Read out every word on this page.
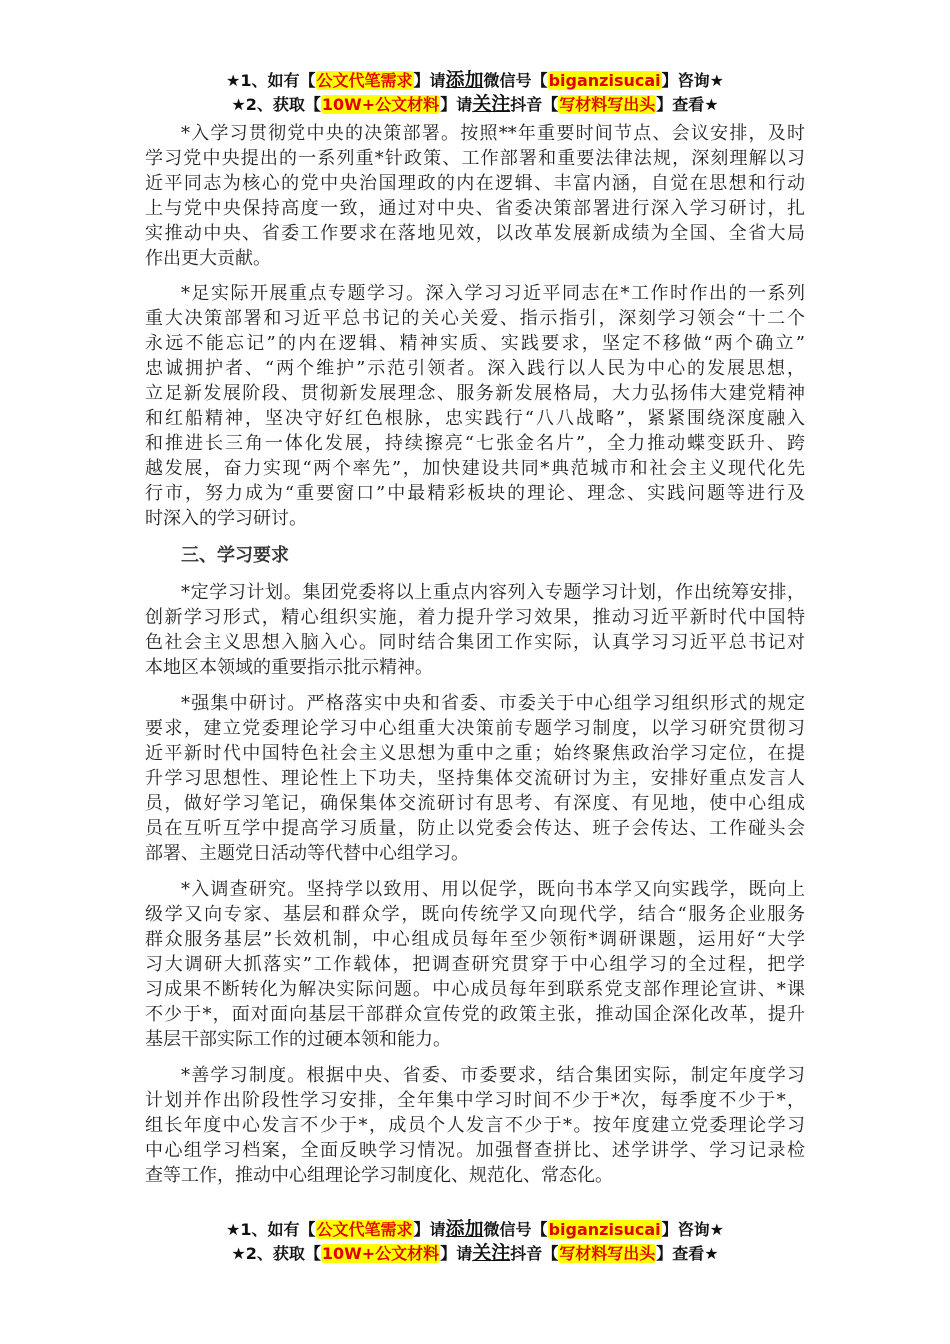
★1、如有【公文代笔需求】请添加微信号【biganzisucai】咨询★
★2、获取【10W+公文材料】请关注抖音【写材料写出头】查看★
*入学习贯彻党中央的决策部署。按照**年重要时间节点、会议安排，及时
学习党中央提出的一系列重*针政策、工作部署和重要法律法规，深刻理解以习
近平同志为核心的党中央治国理政的内在逻辑、丰富内涵，自觉在思想和行动
上与党中央保持高度一致，通过对中央、省委决策部署进行深入学习研讨，扎
实推动中央、省委工作要求在落地见效，以改革发展新成绩为全国、全省大局
作出更大贡献。
*足实际开展重点专题学习。深入学习习近平同志在*工作时作出的一系列
重大决策部署和习近平总书记的关心关爱、指示指引，深刻学习领会“十二个
永远不能忘记”的内在逻辑、精神实质、实践要求，坚定不移做“两个确立”
忠诚拥护者、“两个维护”示范引领者。深入践行以人民为中心的发展思想，
立足新发展阶段、贯彻新发展理念、服务新发展格局，大力弘扬伟大建党精神
和红船精神，坚决守好红色根脉，忠实践行“八八战略”，紧紧围绕深度融入
和推进长三角一体化发展，持续擦亮“七张金名片”，全力推动蝶变跃升、跨
越发展，奋力实现“两个率先”，加快建设共同*典范城市和社会主义现代化先
行市，努力成为“重要窗口”中最精彩板块的理论、理念、实践问题等进行及
时深入的学习研讨。
三、学习要求
*定学习计划。集团党委将以上重点内容列入专题学习计划，作出统筹安排，
创新学习形式，精心组织实施，着力提升学习效果，推动习近平新时代中国特
色社会主义思想入脑入心。同时结合集团工作实际，认真学习习近平总书记对
本地区本领域的重要指示批示精神。
*强集中研讨。严格落实中央和省委、市委关于中心组学习组织形式的规定
要求，建立党委理论学习中心组重大决策前专题学习制度，以学习研究贯彻习
近平新时代中国特色社会主义思想为重中之重；始终聚焦政治学习定位，在提
升学习思想性、理论性上下功夫，坚持集体交流研讨为主，安排好重点发言人
员，做好学习笔记，确保集体交流研讨有思考、有深度、有见地，使中心组成
员在互听互学中提高学习质量，防止以党委会传达、班子会传达、工作碰头会
部署、主题党日活动等代替中心组学习。
*入调查研究。坚持学以致用、用以促学，既向书本学又向实践学，既向上
级学又向专家、基层和群众学，既向传统学又向现代学，结合“服务企业服务
群众服务基层”长效机制，中心组成员每年至少领衔*调研课题，运用好“大学
习大调研大抓落实”工作载体，把调查研究贯穿于中心组学习的全过程，把学
习成果不断转化为解决实际问题。中心成员每年到联系党支部作理论宣讲、*课
不少于*，面对面向基层干部群众宣传党的政策主张，推动国企深化改革，提升
基层干部实际工作的过硬本领和能力。
*善学习制度。根据中央、省委、市委要求，结合集团实际，制定年度学习
计划并作出阶段性学习安排，全年集中学习时间不少于*次，每季度不少于*，
组长年度中心发言不少于*，成员个人发言不少于*。按年度建立党委理论学习
中心组学习档案，全面反映学习情况。加强督查拼比、述学讲学、学习记录检
查等工作，推动中心组理论学习制度化、规范化、常态化。
★1、如有【公文代笔需求】请添加微信号【biganzisucai】咨询★
★2、获取【10W+公文材料】请关注抖音【写材料写出头】查看★
